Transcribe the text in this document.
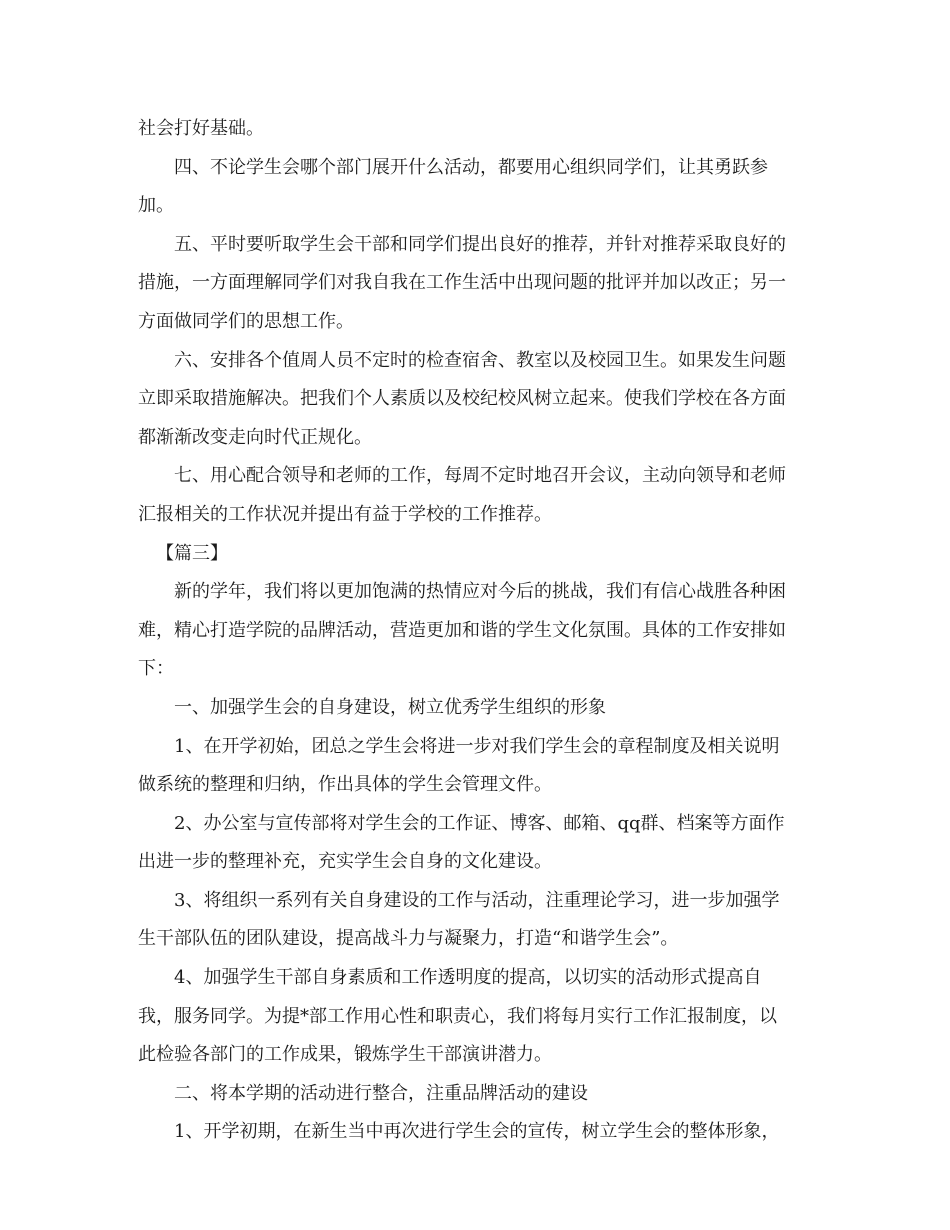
社会打好基础。
四、不论学生会哪个部门展开什么活动，都要用心组织同学们，让其勇跃参
加。
五、平时要听取学生会干部和同学们提出良好的推荐，并针对推荐采取良好的
措施，一方面理解同学们对我自我在工作生活中出现问题的批评并加以改正；另一
方面做同学们的思想工作。
六、安排各个值周人员不定时的检查宿舍、教室以及校园卫生。如果发生问题
立即采取措施解决。把我们个人素质以及校纪校风树立起来。使我们学校在各方面
都渐渐改变走向时代正规化。
七、用心配合领导和老师的工作，每周不定时地召开会议，主动向领导和老师
汇报相关的工作状况并提出有益于学校的工作推荐。
【篇三】
新的学年，我们将以更加饱满的热情应对今后的挑战，我们有信心战胜各种困
难，精心打造学院的品牌活动，营造更加和谐的学生文化氛围。具体的工作安排如
下：
一、加强学生会的自身建设，树立优秀学生组织的形象
1、在开学初始，团总之学生会将进一步对我们学生会的章程制度及相关说明
做系统的整理和归纳，作出具体的学生会管理文件。
2、办公室与宣传部将对学生会的工作证、博客、邮箱、qq群、档案等方面作
出进一步的整理补充，充实学生会自身的文化建设。
3、将组织一系列有关自身建设的工作与活动，注重理论学习，进一步加强学
生干部队伍的团队建设，提高战斗力与凝聚力，打造“和谐学生会”。
4、加强学生干部自身素质和工作透明度的提高，以切实的活动形式提高自
我，服务同学。为提*部工作用心性和职责心，我们将每月实行工作汇报制度，以
此检验各部门的工作成果，锻炼学生干部演讲潜力。
二、将本学期的活动进行整合，注重品牌活动的建设
1、开学初期，在新生当中再次进行学生会的宣传，树立学生会的整体形象，
